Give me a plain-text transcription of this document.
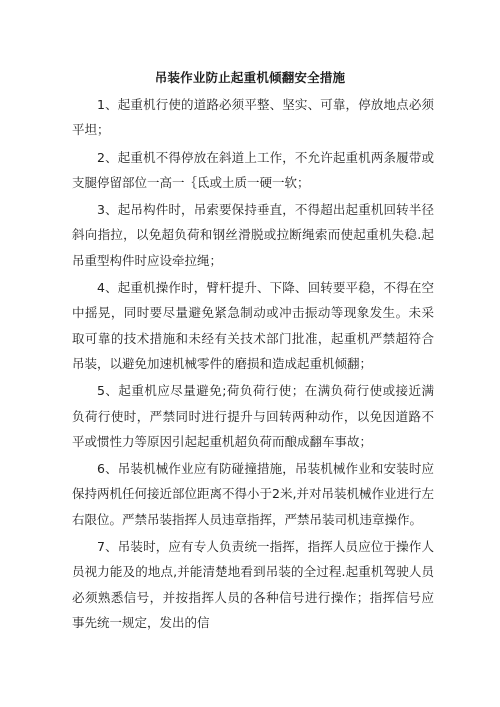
吊装作业防止起重机倾翻安全措施

1、起重机行使的道路必须平整、坚实、可靠，停放地点必须平坦；

2、起重机不得停放在斜道上工作，不允许起重机两条履带或支腿停留部位一高一｛氐或土质一硬一软；

3、起吊构件时，吊索要保持垂直，不得超出起重机回转半径斜向指拉，以免超负荷和钢丝滑脱或拉断绳索而使起重机失稳.起吊重型构件时应设牵拉绳；

4、起重机操作时，臂杆提升、下降、回转要平稳，不得在空中摇晃，同时要尽量避免紧急制动或冲击振动等现象发生。未采取可靠的技术措施和未经有关技术部门批准，起重机严禁超符合吊装，以避免加速机械零件的磨损和造成起重机倾翻；

5、起重机应尽量避免;荷负荷行使；在满负荷行使或接近满负荷行使时，严禁同时进行提升与回转两种动作，以免因道路不平或惯性力等原因引起起重机超负荷而酿成翻车事故；

6、吊装机械作业应有防碰撞措施，吊装机械作业和安装时应保持两机任何接近部位距离不得小于2米,并对吊装机械作业进行左右限位。严禁吊装指挥人员违章指挥，严禁吊装司机违章操作。

7、吊装时，应有专人负责统一指挥，指挥人员应位于操作人员视力能及的地点,并能清楚地看到吊装的全过程.起重机驾驶人员必须熟悉信号，并按指挥人员的各种信号进行操作；指挥信号应事先统一规定，发出的信
